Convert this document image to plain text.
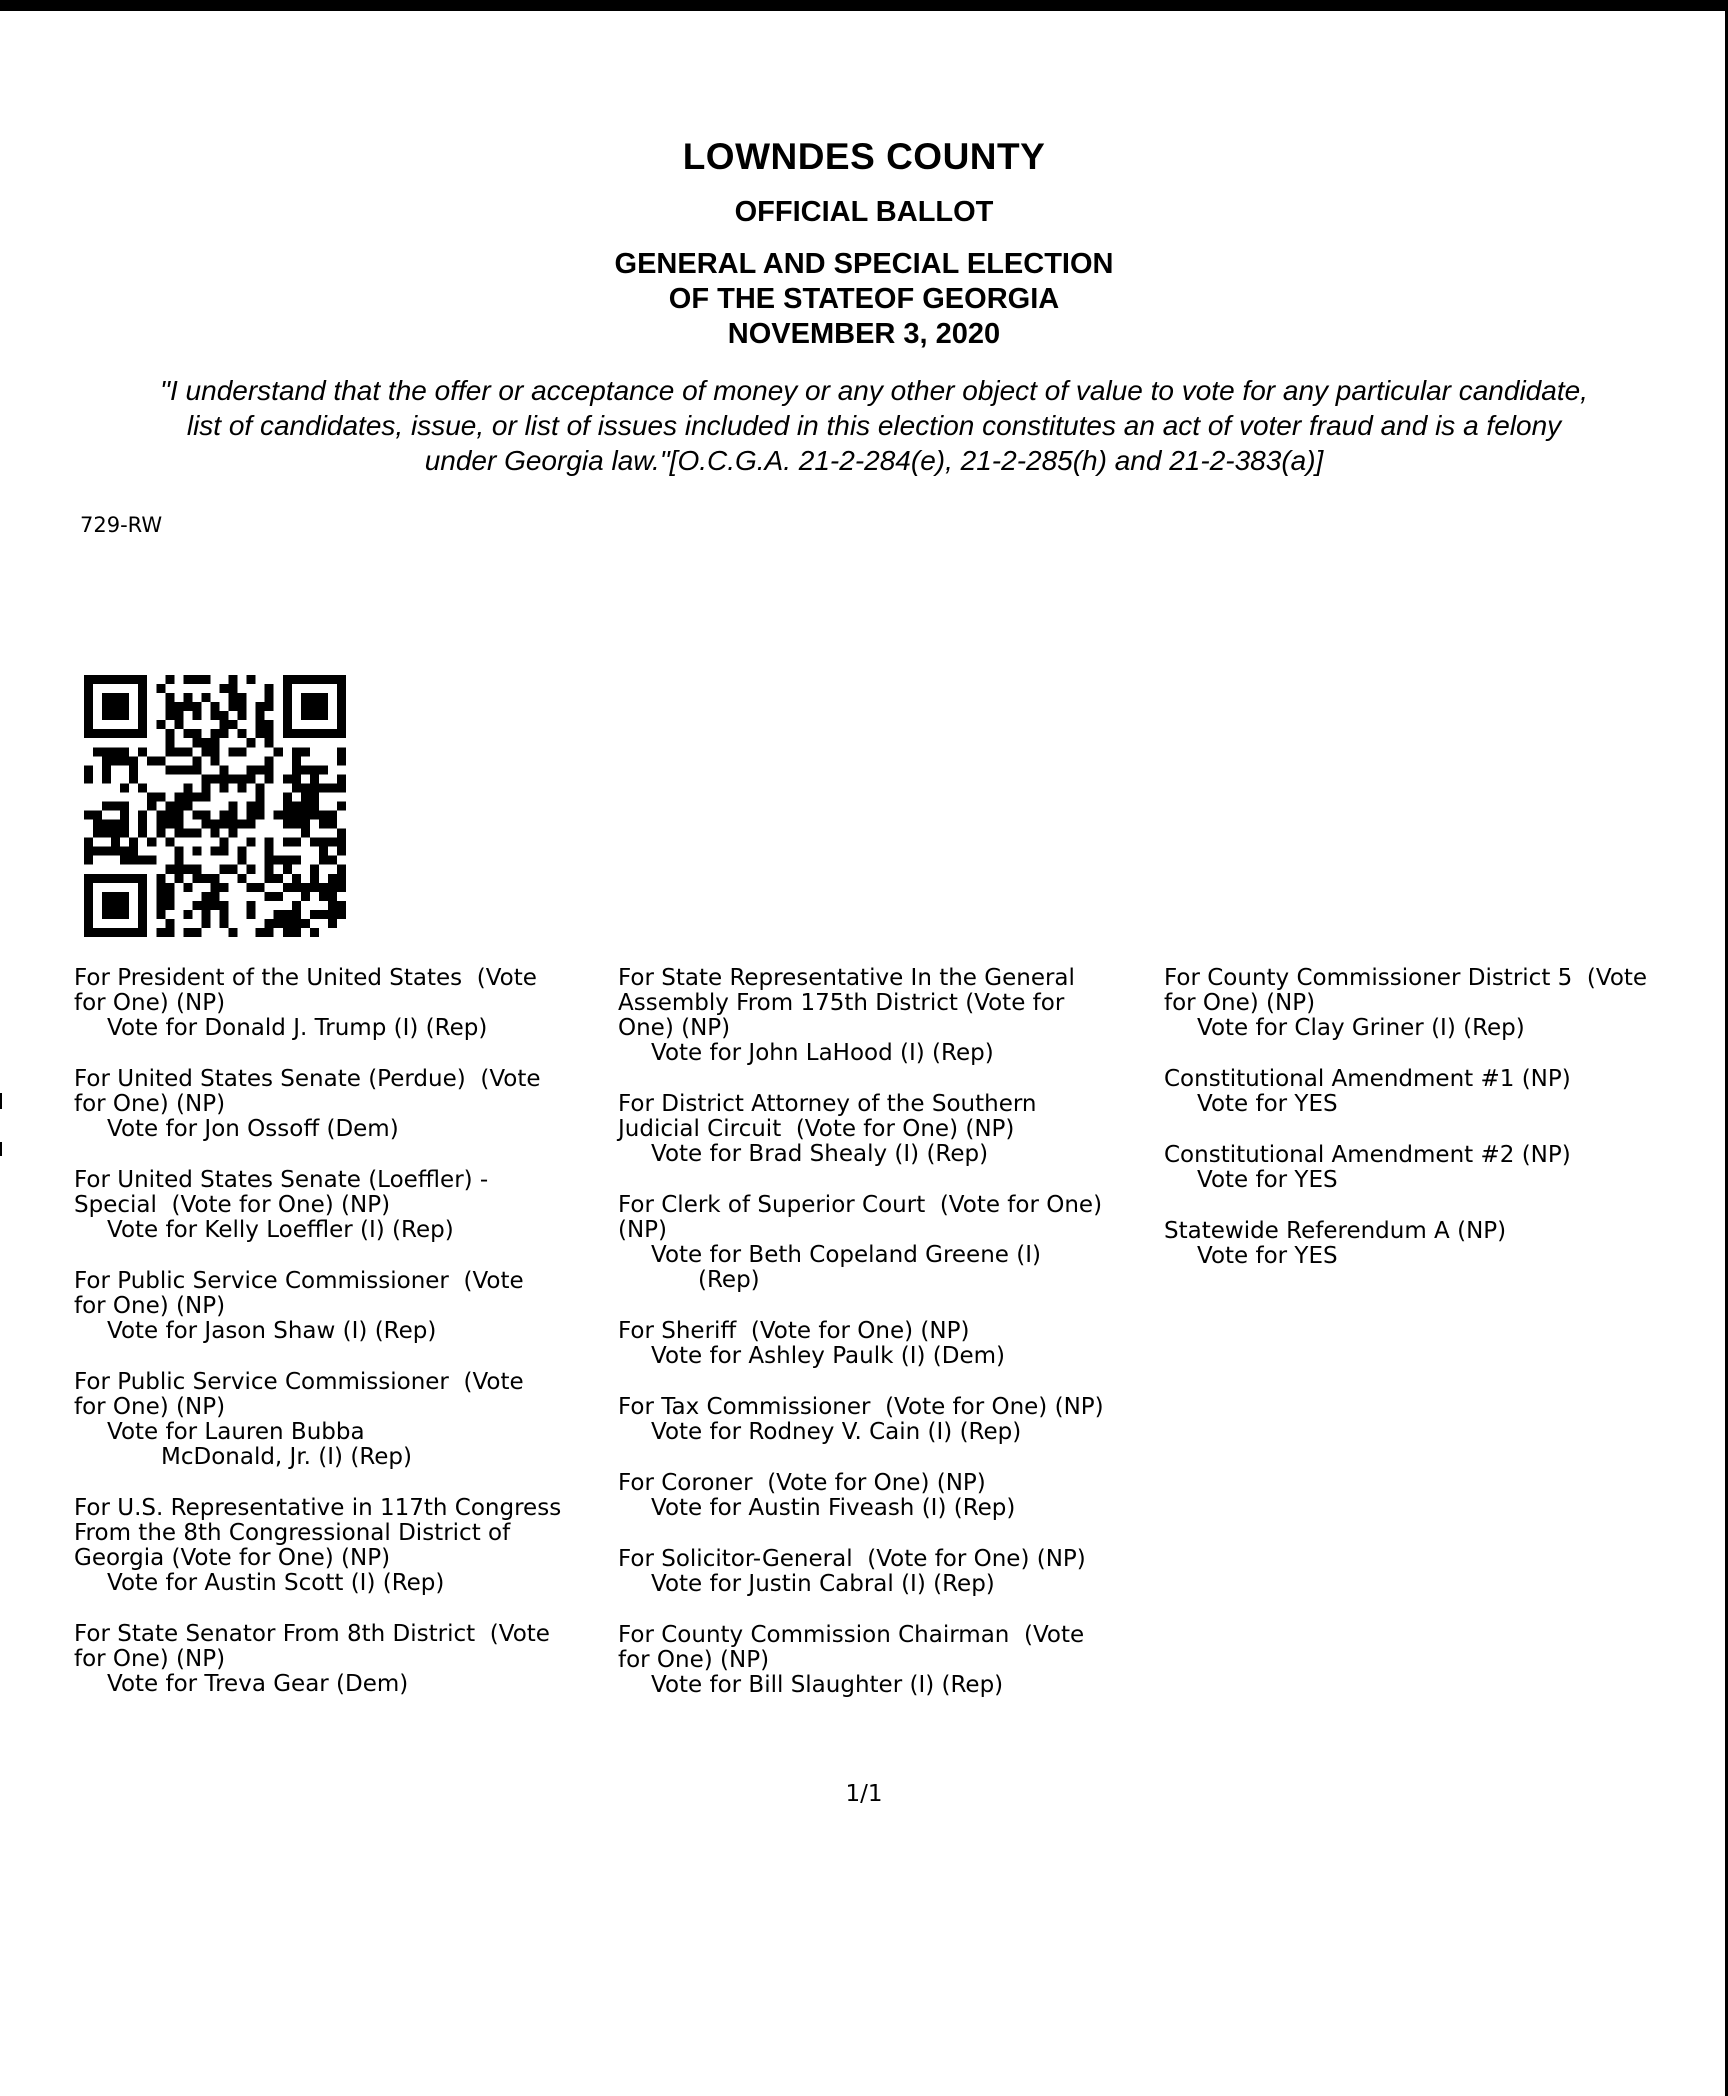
LOWNDES COUNTY
OFFICIAL BALLOT
GENERAL AND SPECIAL ELECTION
OF THE STATEOF GEORGIA
NOVEMBER 3, 2020
"I understand that the offer or acceptance of money or any other object of value to vote for any particular candidate,
list of candidates, issue, or list of issues included in this election constitutes an act of voter fraud and is a felony
under Georgia law."[O.C.G.A. 21-2-284(e), 21-2-285(h) and 21-2-383(a)]
729-RW
For President of the United States  (Vote
for One) (NP)
Vote for Donald J. Trump (I) (Rep)
For United States Senate (Perdue)  (Vote
for One) (NP)
Vote for Jon Ossoff (Dem)
For United States Senate (Loeffler) -
Special  (Vote for One) (NP)
Vote for Kelly Loeffler (I) (Rep)
For Public Service Commissioner  (Vote
for One) (NP)
Vote for Jason Shaw (I) (Rep)
For Public Service Commissioner  (Vote
for One) (NP)
Vote for Lauren Bubba
McDonald, Jr. (I) (Rep)
For U.S. Representative in 117th Congress
From the 8th Congressional District of
Georgia (Vote for One) (NP)
Vote for Austin Scott (I) (Rep)
For State Senator From 8th District  (Vote
for One) (NP)
Vote for Treva Gear (Dem)
For State Representative In the General
Assembly From 175th District (Vote for
One) (NP)
Vote for John LaHood (I) (Rep)
For District Attorney of the Southern
Judicial Circuit  (Vote for One) (NP)
Vote for Brad Shealy (I) (Rep)
For Clerk of Superior Court  (Vote for One)
(NP)
Vote for Beth Copeland Greene (I)
(Rep)
For Sheriff  (Vote for One) (NP)
Vote for Ashley Paulk (I) (Dem)
For Tax Commissioner  (Vote for One) (NP)
Vote for Rodney V. Cain (I) (Rep)
For Coroner  (Vote for One) (NP)
Vote for Austin Fiveash (I) (Rep)
For Solicitor-General  (Vote for One) (NP)
Vote for Justin Cabral (I) (Rep)
For County Commission Chairman  (Vote
for One) (NP)
Vote for Bill Slaughter (I) (Rep)
For County Commissioner District 5  (Vote
for One) (NP)
Vote for Clay Griner (I) (Rep)
Constitutional Amendment #1 (NP)
Vote for YES
Constitutional Amendment #2 (NP)
Vote for YES
Statewide Referendum A (NP)
Vote for YES
1/1
